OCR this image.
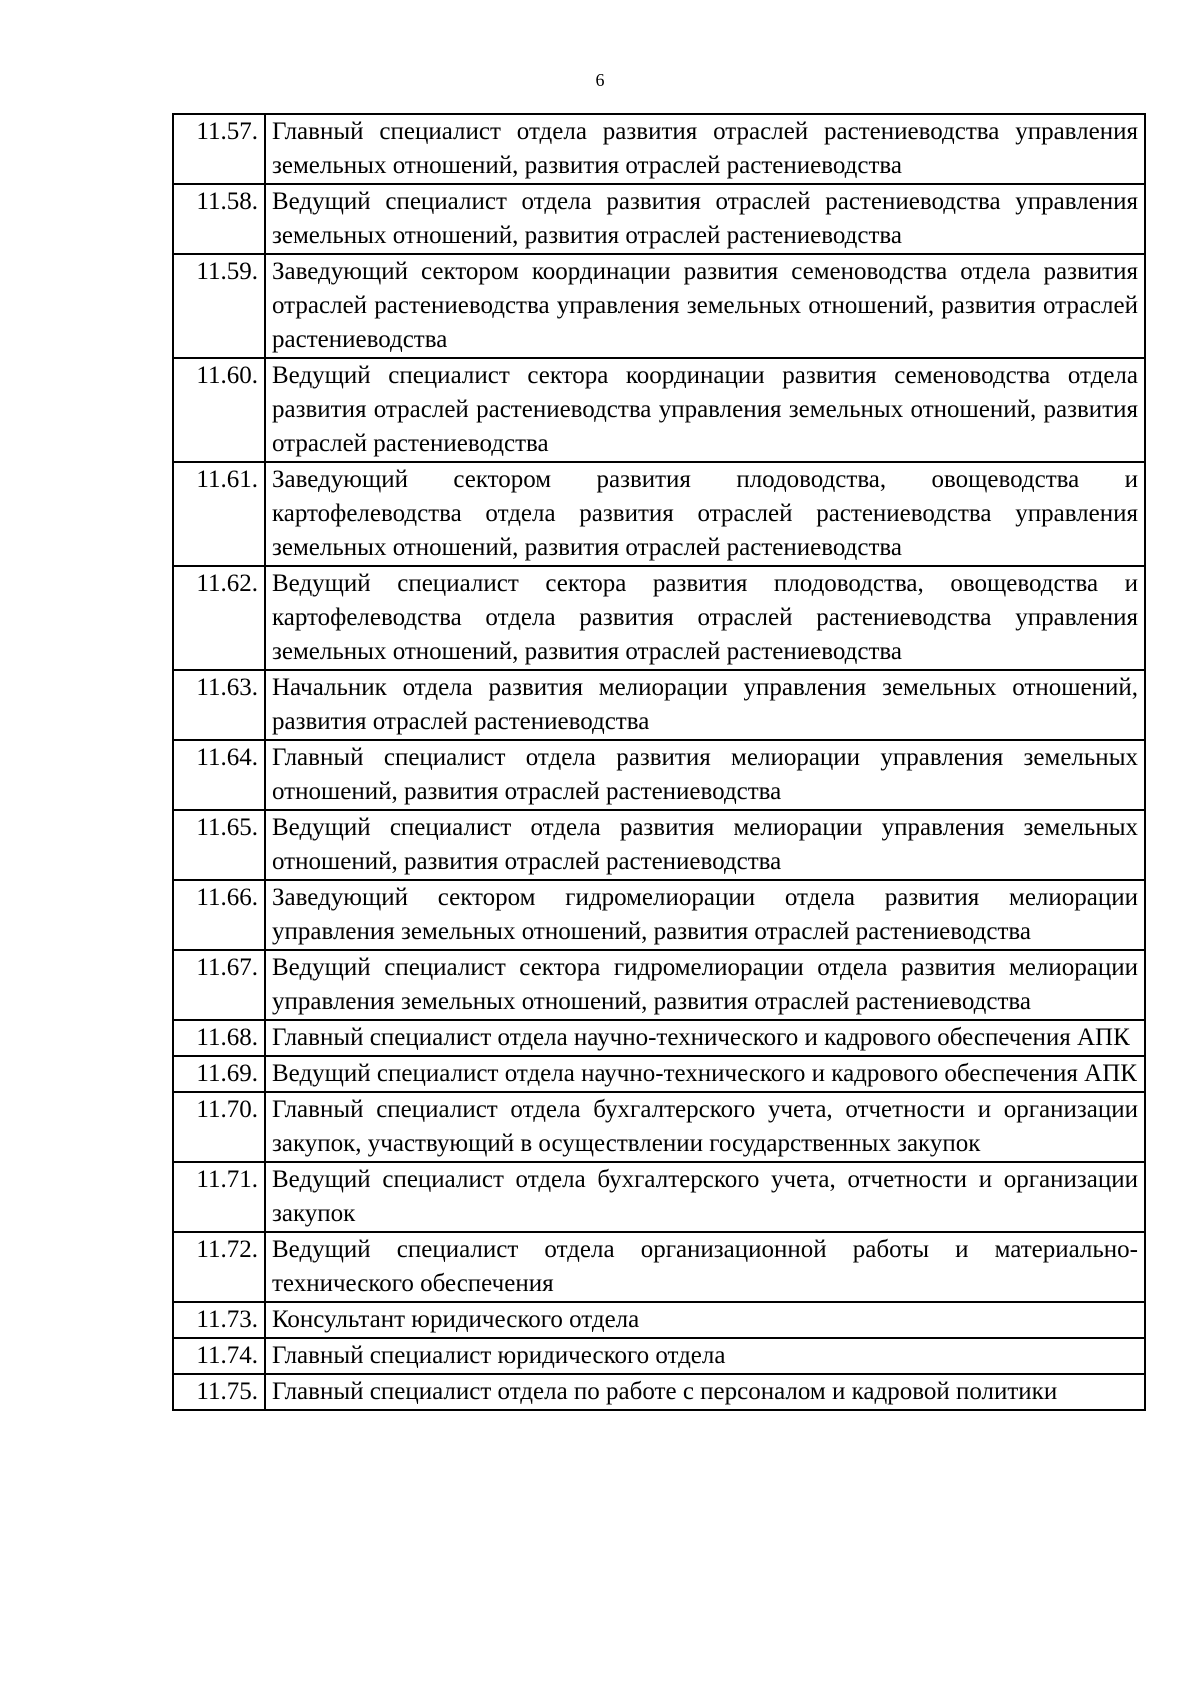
6
11.57.	Главный специалист отдела развития отраслей растениеводства управления земельных отношений, развития отраслей растениеводства
11.58.	Ведущий специалист отдела развития отраслей растениеводства управления земельных отношений, развития отраслей растениеводства
11.59.	Заведующий сектором координации развития семеноводства отдела развития отраслей растениеводства управления земельных отношений, развития отраслей растениеводства
11.60.	Ведущий специалист сектора координации развития семеноводства отдела развития отраслей растениеводства управления земельных отношений, развития отраслей растениеводства
11.61.	Заведующий сектором развития плодоводства, овощеводства и картофелеводства отдела развития отраслей растениеводства управления земельных отношений, развития отраслей растениеводства
11.62.	Ведущий специалист сектора развития плодоводства, овощеводства и картофелеводства отдела развития отраслей растениеводства управления земельных отношений, развития отраслей растениеводства
11.63.	Начальник отдела развития мелиорации управления земельных отношений, развития отраслей растениеводства
11.64.	Главный специалист отдела развития мелиорации управления земельных отношений, развития отраслей растениеводства
11.65.	Ведущий специалист отдела развития мелиорации управления земельных отношений, развития отраслей растениеводства
11.66.	Заведующий сектором гидромелиорации отдела развития мелиорации управления земельных отношений, развития отраслей растениеводства
11.67.	Ведущий специалист сектора гидромелиорации отдела развития мелиорации управления земельных отношений, развития отраслей растениеводства
11.68.	Главный специалист отдела научно-технического и кадрового обеспечения АПК
11.69.	Ведущий специалист отдела научно-технического и кадрового обеспечения АПК
11.70.	Главный специалист отдела бухгалтерского учета, отчетности и организации закупок, участвующий в осуществлении государственных закупок
11.71.	Ведущий специалист отдела бухгалтерского учета, отчетности и организации закупок
11.72.	Ведущий специалист отдела организационной работы и материально-технического обеспечения
11.73.	Консультант юридического отдела
11.74.	Главный специалист юридического отдела
11.75.	Главный специалист отдела по работе с персоналом и кадровой политики
